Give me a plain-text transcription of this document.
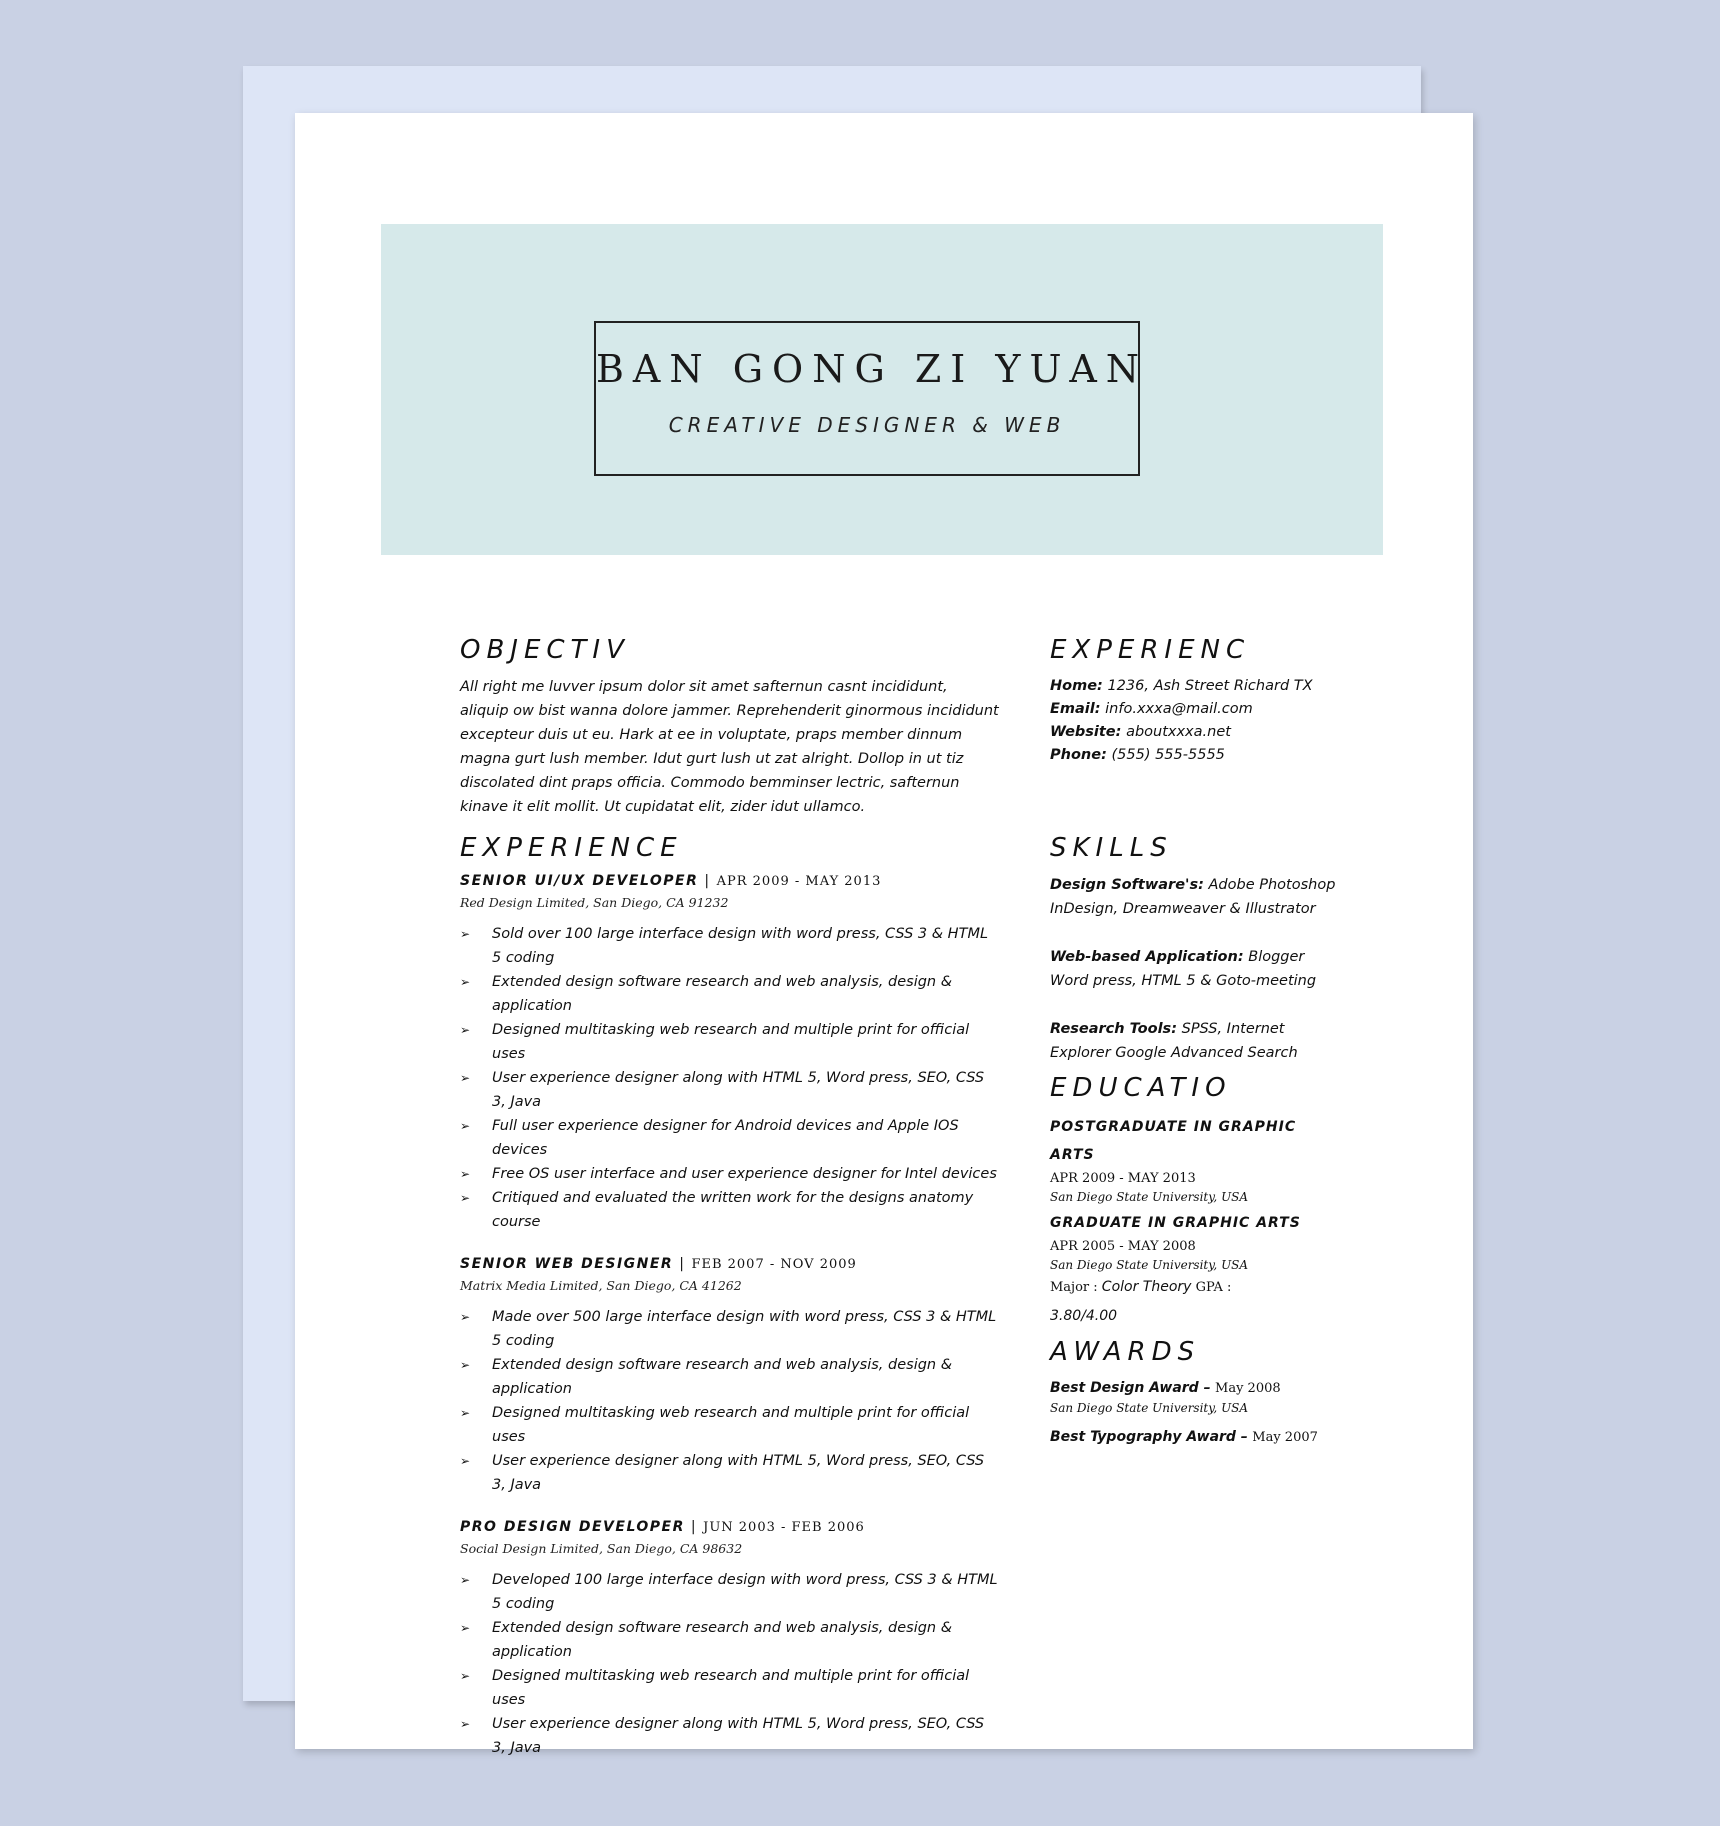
BAN GONG ZI YUAN
CREATIVE DESIGNER & WEB
OBJECTIV

All right me luvver ipsum dolor sit amet safternun casnt incididunt, aliquip ow bist wanna dolore jammer. Reprehenderit ginormous incididunt excepteur duis ut eu. Hark at ee in voluptate, praps member dinnum magna gurt lush member. Idut gurt lush ut zat alright. Dollop in ut tiz discolated dint praps officia. Commodo bemminser lectric, safternun kinave it elit mollit. Ut cupidatat elit, zider idut ullamco.

EXPERIENCE
SENIOR UI/UX DEVELOPER | APR 2009 - MAY 2013
Red Design Limited, San Diego, CA 91232
➢ Sold over 100 large interface design with word press, CSS 3 & HTML 5 coding
➢ Extended design software research and web analysis, design & application
➢ Designed multitasking web research and multiple print for official uses
➢ User experience designer along with HTML 5, Word press, SEO, CSS 3, Java
➢ Full user experience designer for Android devices and Apple IOS devices
➢ Free OS user interface and user experience designer for Intel devices
➢ Critiqued and evaluated the written work for the designs anatomy course
SENIOR WEB DESIGNER | FEB 2007 - NOV 2009
Matrix Media Limited, San Diego, CA 41262
➢ Made over 500 large interface design with word press, CSS 3 & HTML 5 coding
➢ Extended design software research and web analysis, design & application
➢ Designed multitasking web research and multiple print for official uses
➢ User experience designer along with HTML 5, Word press, SEO, CSS 3, Java
PRO DESIGN DEVELOPER | JUN 2003 - FEB 2006
Social Design Limited, San Diego, CA 98632
➢ Developed 100 large interface design with word press, CSS 3 & HTML 5 coding
➢ Extended design software research and web analysis, design & application
➢ Designed multitasking web research and multiple print for official uses
➢ User experience designer along with HTML 5, Word press, SEO, CSS 3, Java
EXPERIENC
Home: 1236, Ash Street Richard TX
Email: info.xxxa@mail.com
Website: aboutxxxa.net
Phone: (555) 555-5555
SKILLS
Design Software's: Adobe Photoshop InDesign, Dreamweaver & Illustrator
Web-based Application: Blogger Word press, HTML 5 & Goto-meeting
Research Tools: SPSS, Internet Explorer Google Advanced Search
EDUCATIO
POSTGRADUATE IN GRAPHIC ARTS
APR 2009 - MAY 2013
San Diego State University, USA
GRADUATE IN GRAPHIC ARTS
APR 2005 - MAY 2008
San Diego State University, USA
Major : Color Theory GPA :
3.80/4.00
AWARDS
Best Design Award – May 2008
San Diego State University, USA
Best Typography Award – May 2007
